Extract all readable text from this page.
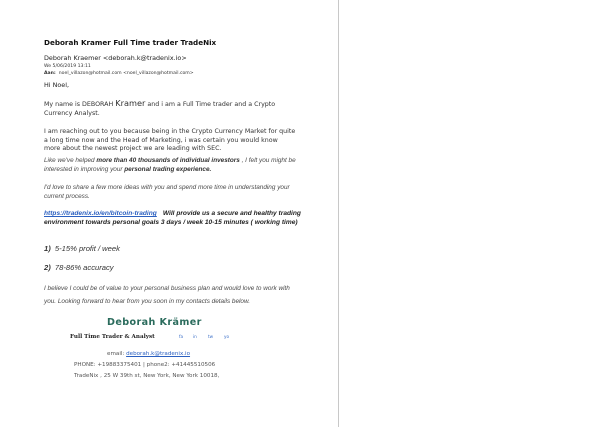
Deborah Kramer Full Time trader TradeNix
Deborah Kraemer <deborah.k@tradenix.io>
We 5/06/2019 13:11
Aan: noel_villazon@hotmail.com <noel_villazon@hotmail.com>
Hi Noel,
My name is DEBORAH Kramer and i am a Full Time trader and a Crypto Currency Analyst.
I am reaching out to you because being in the Crypto Currency Market for quite a long time now and the Head of Marketing, i was certain you would know more about the newest project we are leading with SEC.
Like we've helped more than 40 thousands of individual investors , I felt you might be interested in improving your personal trading experience.
I'd love to share a few more ideas with you and spend more time in understanding your current process.
https://tradenix.io/en/bitcoin-trading Will provide us a secure and healthy trading environment towards personal goals 3 days / week 10-15 minutes ( working time)
1) 5-15% profit / week
2) 78-86% accuracy
I believe I could be of value to your personal business plan and would love to work with you. Looking forward to hear from you soon in my contacts details below.
Deborah Krämer
Full Time Trader & Analyst	fa in	tw	yo
email: deborah.k@tradenix.io
PHONE: +19883375401 | phone2: +41445510506
TradeNix , 25 W 39th st, New York, New York 10018,
